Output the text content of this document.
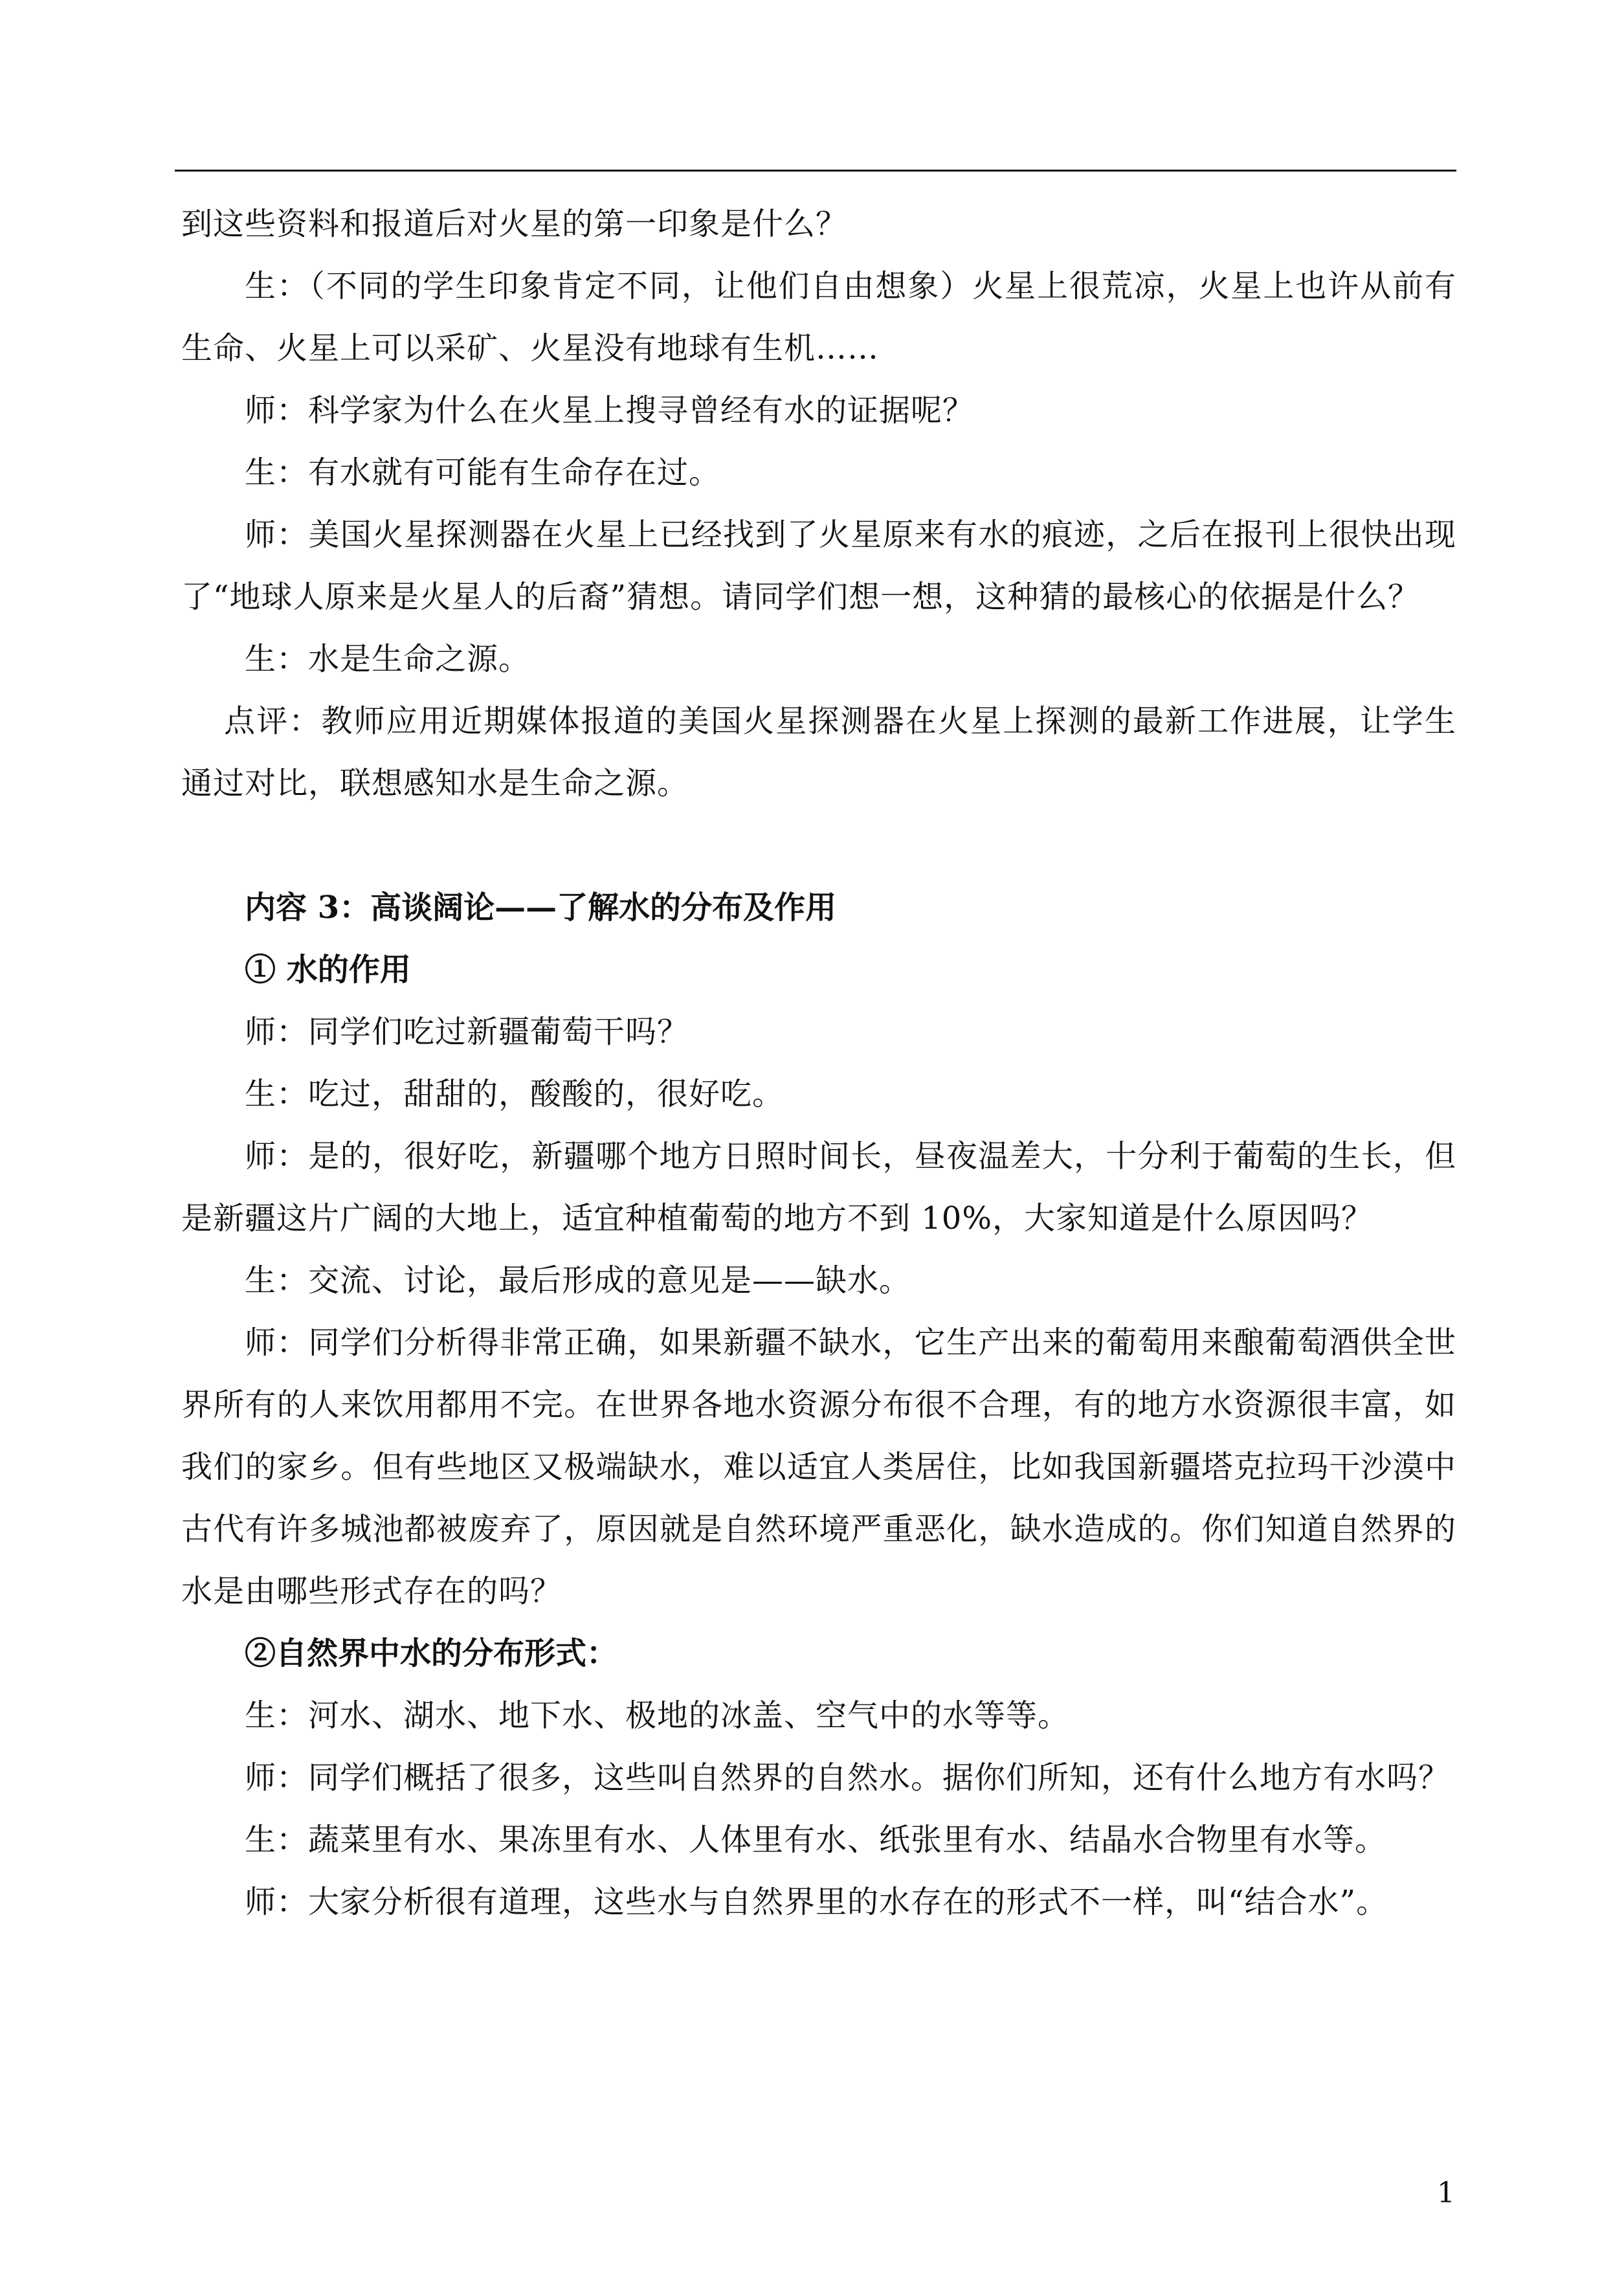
到这些资料和报道后对火星的第一印象是什么？

生：（不同的学生印象肯定不同，让他们自由想象）火星上很荒凉，火星上也许从前有生命、火星上可以采矿、火星没有地球有生机……

师：科学家为什么在火星上搜寻曾经有水的证据呢？

生：有水就有可能有生命存在过。

师：美国火星探测器在火星上已经找到了火星原来有水的痕迹，之后在报刊上很快出现了“地球人原来是火星人的后裔”猜想。请同学们想一想，这种猜的最核心的依据是什么？

生：水是生命之源。

点评：教师应用近期媒体报道的美国火星探测器在火星上探测的最新工作进展，让学生通过对比，联想感知水是生命之源。

内容 3：高谈阔论——了解水的分布及作用

① 水的作用

师：同学们吃过新疆葡萄干吗？

生：吃过，甜甜的，酸酸的，很好吃。

师：是的，很好吃，新疆哪个地方日照时间长，昼夜温差大，十分利于葡萄的生长，但是新疆这片广阔的大地上，适宜种植葡萄的地方不到 10%，大家知道是什么原因吗？

生：交流、讨论，最后形成的意见是——缺水。

师：同学们分析得非常正确，如果新疆不缺水，它生产出来的葡萄用来酿葡萄酒供全世界所有的人来饮用都用不完。在世界各地水资源分布很不合理，有的地方水资源很丰富，如我们的家乡。但有些地区又极端缺水，难以适宜人类居住，比如我国新疆塔克拉玛干沙漠中古代有许多城池都被废弃了，原因就是自然环境严重恶化，缺水造成的。你们知道自然界的水是由哪些形式存在的吗？

②自然界中水的分布形式：

生：河水、湖水、地下水、极地的冰盖、空气中的水等等。

师：同学们概括了很多，这些叫自然界的自然水。据你们所知，还有什么地方有水吗？

生：蔬菜里有水、果冻里有水、人体里有水、纸张里有水、结晶水合物里有水等。

师：大家分析很有道理，这些水与自然界里的水存在的形式不一样，叫“结合水”。

1
